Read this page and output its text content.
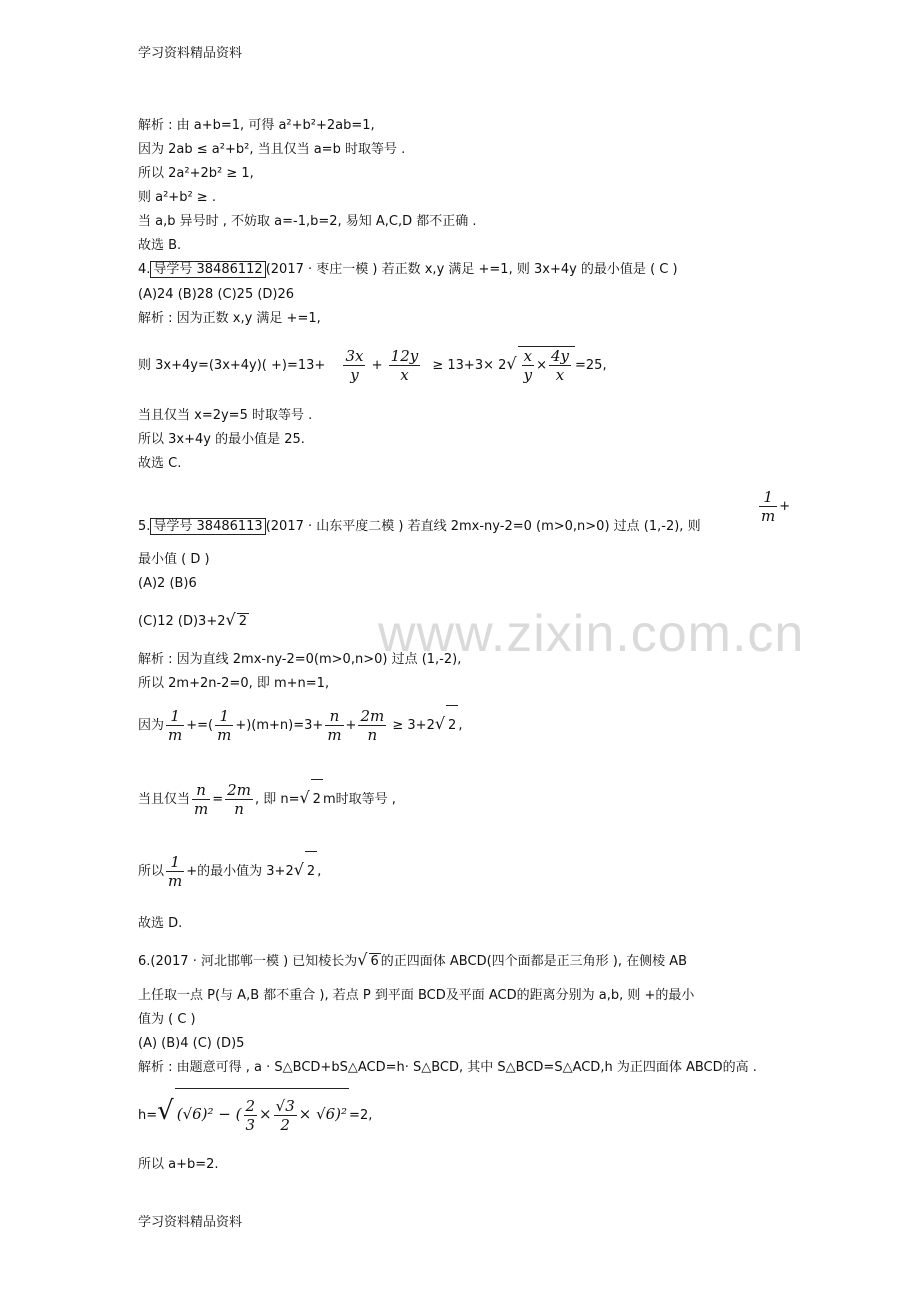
学习资料精品资料
解析 : 由 a+b=1, 可得 a²+b²+2ab=1,
因为 2ab ≤ a²+b², 当且仅当 a=b 时取等号 .
所以 2a²+2b² ≥ 1,
则 a²+b² ≥ .
当 a,b 异号时 , 不妨取 a=-1,b=2, 易知 A,C,D 都不正确 .
故选 B.
4. 导学号 38486112 (2017 · 枣庄一模 ) 若正数 x,y 满足 +=1, 则 3x+4y 的最小值是 ( C )
(A)24 (B)28 (C)25 (D)26
解析 : 因为正数 x,y 满足 +=1,
则 $3x+4y=(3x+4y)( +)=13+ \frac{3x}{y} + \frac{12y}{x} \ge 13+3\times 2√ \frac{x}{y} \times \frac{4y}{x} =25$,
当且仅当 x=2y=5 时取等号 .
所以 3x+4y 的最小值是 25.
故选 C.
5. 导学号 38486113 (2017 · 山东平度二模 ) 若直线 2mx-ny-2=0 (m>0,n>0) 过点 (1,-2), 则
$\frac{1}{m}$ +
最小值 ( D )
(A)2 (B)6
(C)12 (D)3+2√ 2
解析 : 因为直线 2mx-ny-2=0(m>0,n>0) 过点 (1,-2),
所以 2m+2n-2=0, 即 m+n=1,
因为 $\frac{1}{m}$ +=( $\frac{1}{m} +)(m+n)=3+ \frac{n}{m} + \frac{2m}{n} \ge 3+2√$ 2 ,
当且仅当 $\frac{n}{m} = \frac{2m}{n}$ , 即 n=√ 2 m时取等号 ,
所以 $\frac{1}{m}$ +的最小值为 3+2√ 2 ,
故选 D.
6.(2017 · 河北邯郸一模 ) 已知棱长为√ 6 的正四面体 ABCD(四个面都是正三角形 ), 在侧棱 AB
上任取一点 P(与 A,B 都不重合 ), 若点 P 到平面 BCD及平面 ACD的距离分别为 a,b, 则 +的最小
值为 ( C )
(A) (B)4 (C) (D)5
解析 : 由题意可得 , a · S△BCD+bS△ACD=h· S△BCD, 其中 S△BCD=S△ACD,h 为正四面体 ABCD的高 .
h=√ (√6)² − ( $\frac{2}{3} \times \frac{√3}{2} \times √6)^2 =2$,
所以 a+b=2.
学习资料精品资料
www.zixin.com.cn
